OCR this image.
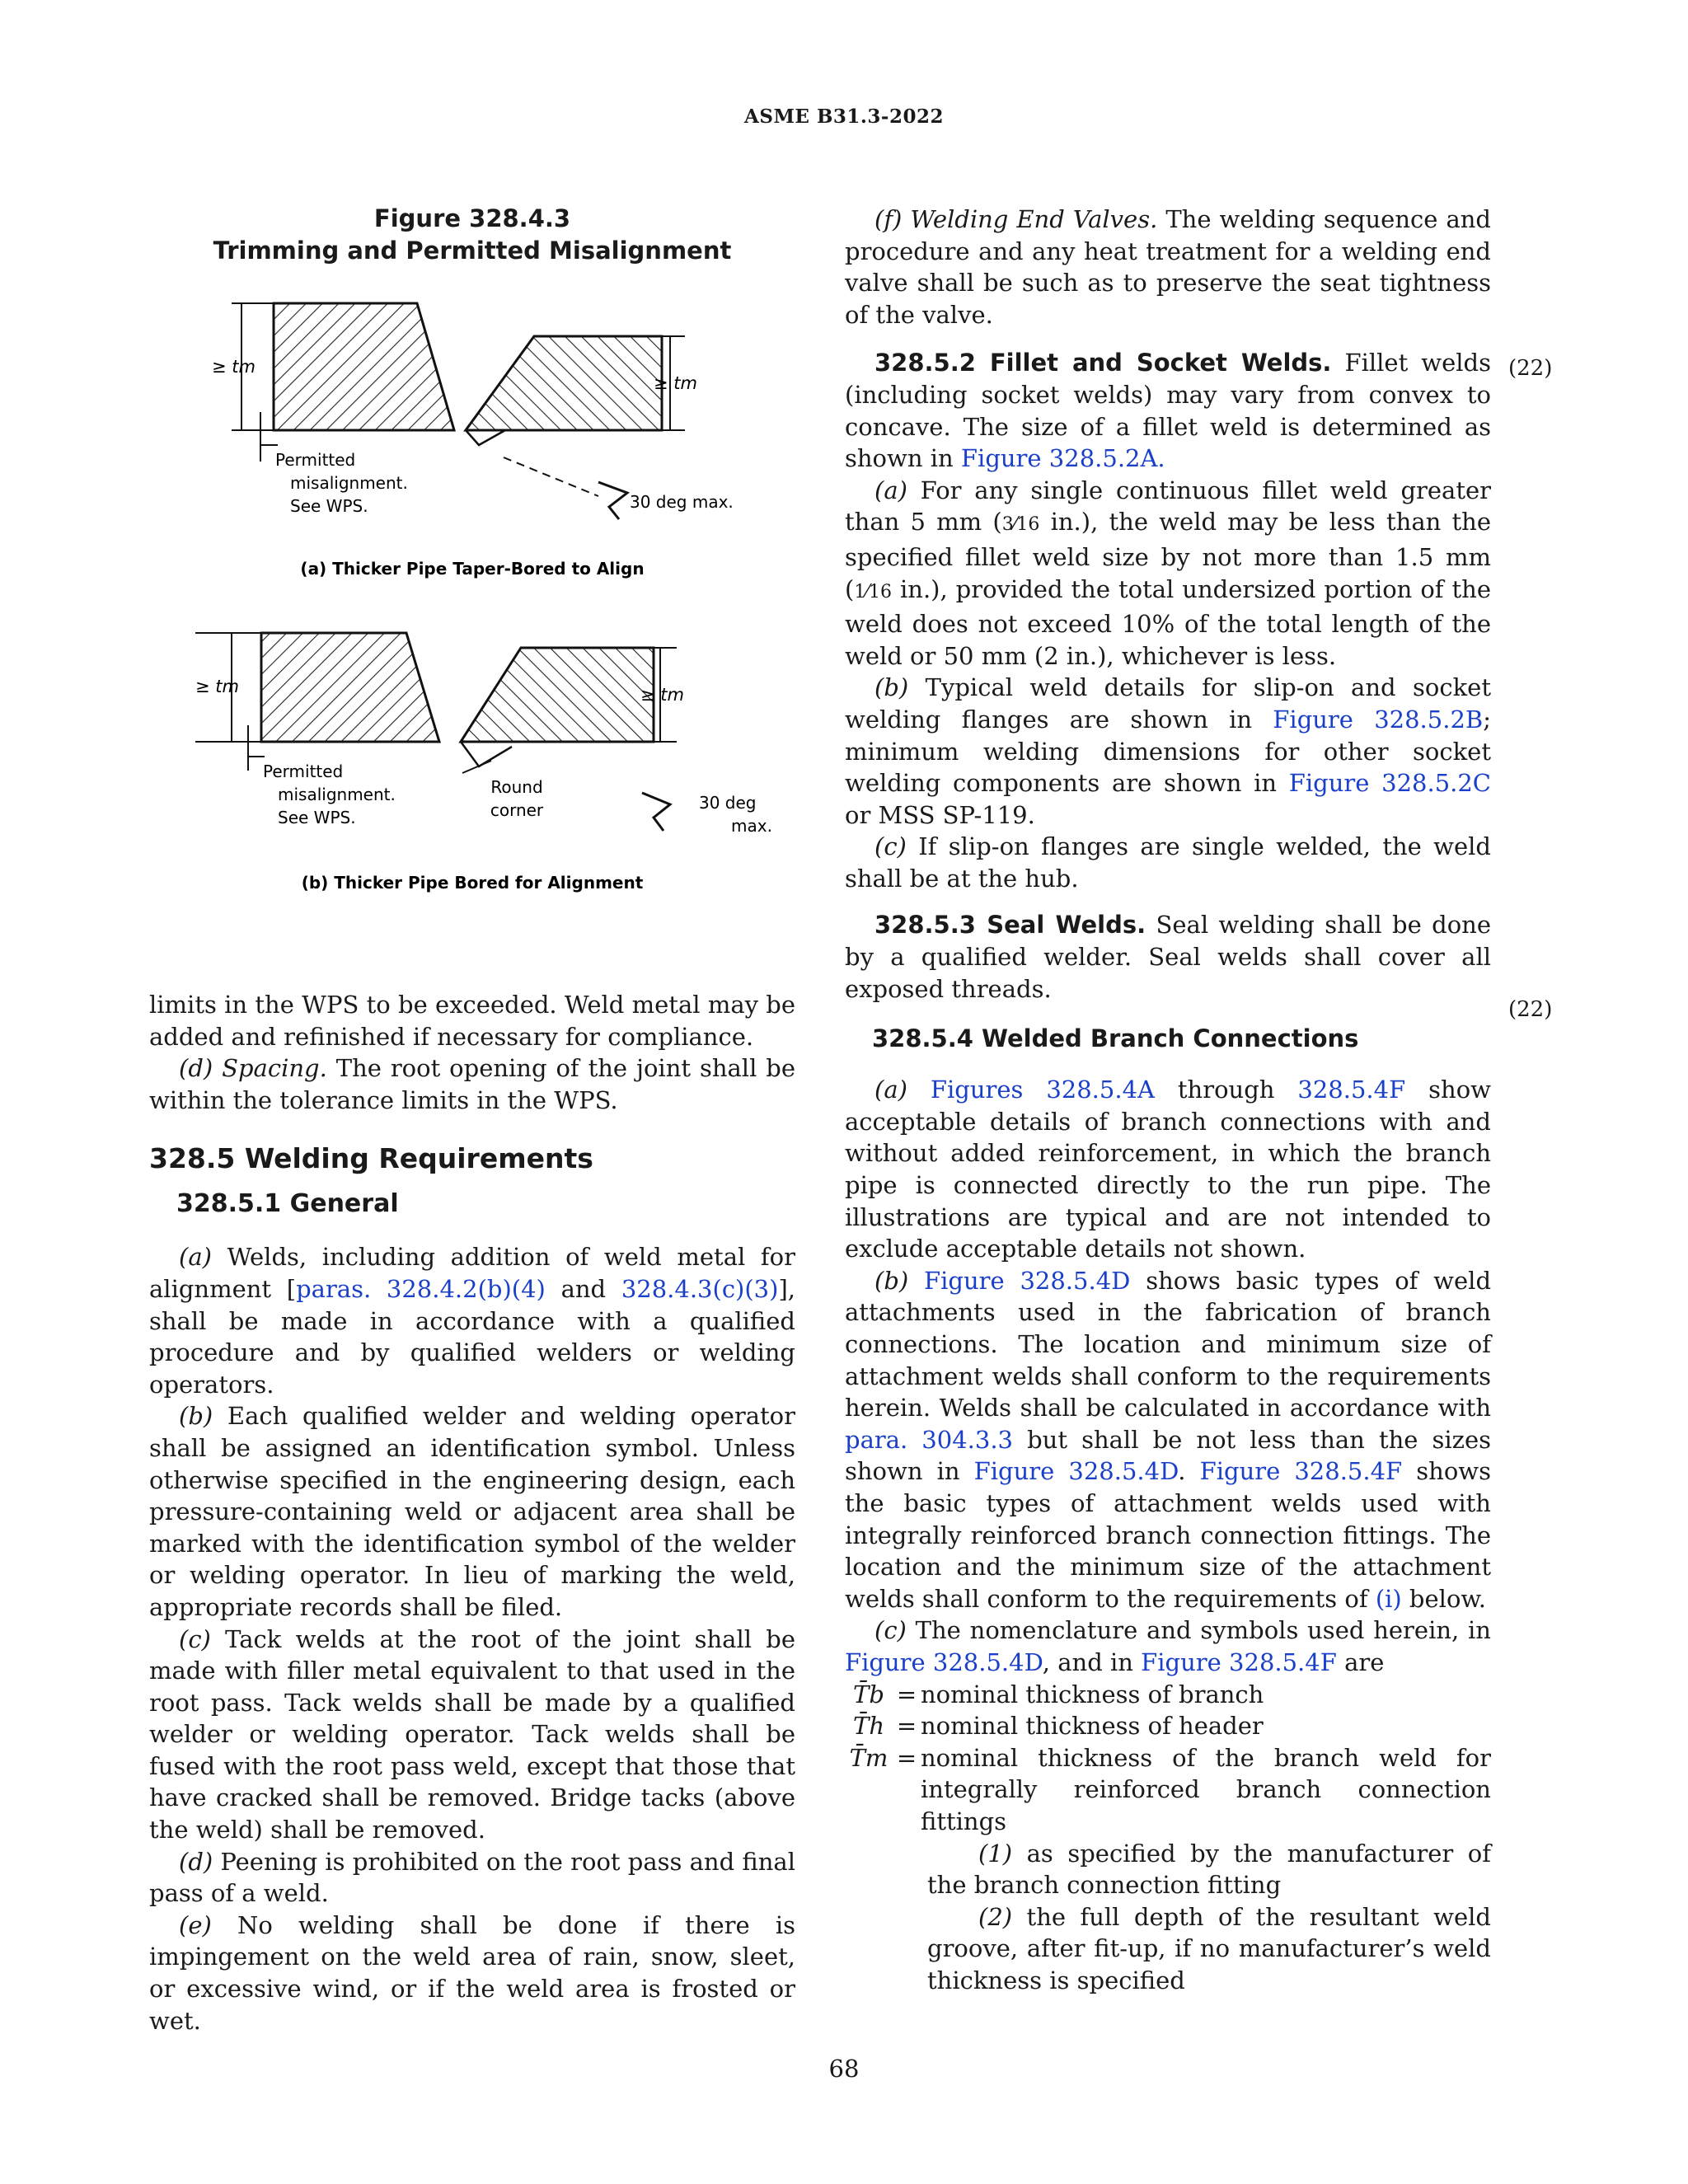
ASME B31.3-2022
Figure 328.4.3
Trimming and Permitted Misalignment
≥ tm
≥ tm
Permitted
misalignment.
See WPS.	30 deg max.
(a) Thicker Pipe Taper-Bored to Align
≥ tm	≥ tm
Permitted
misalignment.
See WPS.
Round
corner	30 deg
max.
(b) Thicker Pipe Bored for Alignment

limits in the WPS to be exceeded. Weld metal may be added and refinished if necessary for compliance.

(d) Spacing. The root opening of the joint shall be within the tolerance limits in the WPS.

328.5 Welding Requirements
328.5.1 General

(a) Welds, including addition of weld metal for alignment [paras. 328.4.2(b)(4) and 328.4.3(c)(3)], shall be made in accordance with a qualified procedure and by qualified welders or welding operators.

(b) Each qualified welder and welding operator shall be assigned an identification symbol. Unless otherwise specified in the engineering design, each pressure-containing weld or adjacent area shall be marked with the identification symbol of the welder or welding operator. In lieu of marking the weld, appropriate records shall be filed.

(c) Tack welds at the root of the joint shall be made with filler metal equivalent to that used in the root pass. Tack welds shall be made by a qualified welder or welding operator. Tack welds shall be fused with the root pass weld, except that those that have cracked shall be removed. Bridge tacks (above the weld) shall be removed.

(d) Peening is prohibited on the root pass and final pass of a weld.

(e) No welding shall be done if there is impingement on the weld area of rain, snow, sleet, or excessive wind, or if the weld area is frosted or wet.

(f) Welding End Valves. The welding sequence and procedure and any heat treatment for a welding end valve shall be such as to preserve the seat tightness of the valve.

328.5.2 Fillet and Socket Welds. Fillet welds (including socket welds) may vary from convex to concave. The size of a fillet weld is determined as shown in Figure 328.5.2A.

(a) For any single continuous fillet weld greater than 5 mm (3⁄16 in.), the weld may be less than the specified fillet weld size by not more than 1.5 mm (1⁄16 in.), provided the total undersized portion of the weld does not exceed 10% of the total length of the weld or 50 mm (2 in.), whichever is less.

(b) Typical weld details for slip-on and socket welding flanges are shown in Figure 328.5.2B; minimum welding dimensions for other socket welding components are shown in Figure 328.5.2C or MSS SP-119.

(c) If slip-on flanges are single welded, the weld shall be at the hub.

328.5.3 Seal Welds. Seal welding shall be done by a qualified welder. Seal welds shall cover all exposed threads.

328.5.4 Welded Branch Connections

(a) Figures 328.5.4A through 328.5.4F show acceptable details of branch connections with and without added reinforcement, in which the branch pipe is connected directly to the run pipe. The illustrations are typical and are not intended to exclude acceptable details not shown.

(b) Figure 328.5.4D shows basic types of weld attachments used in the fabrication of branch connections. The location and minimum size of attachment welds shall conform to the requirements herein. Welds shall be calculated in accordance with para. 304.3.3 but shall be not less than the sizes shown in Figure 328.5.4D. Figure 328.5.4F shows the basic types of attachment welds used with integrally reinforced branch connection fittings. The location and the minimum size of the attachment welds shall conform to the requirements of (i) below.

(c) The nomenclature and symbols used herein, in Figure 328.5.4D, and in Figure 328.5.4F are

T̄b = nominal thickness of branch
T̄h = nominal thickness of header
T̄m = nominal thickness of the branch weld for integrally reinforced branch connection fittings

(1) as specified by the manufacturer of the branch connection fitting

(2) the full depth of the resultant weld groove, after fit-up, if no manufacturer’s weld thickness is specified

(22)
(22)
68
